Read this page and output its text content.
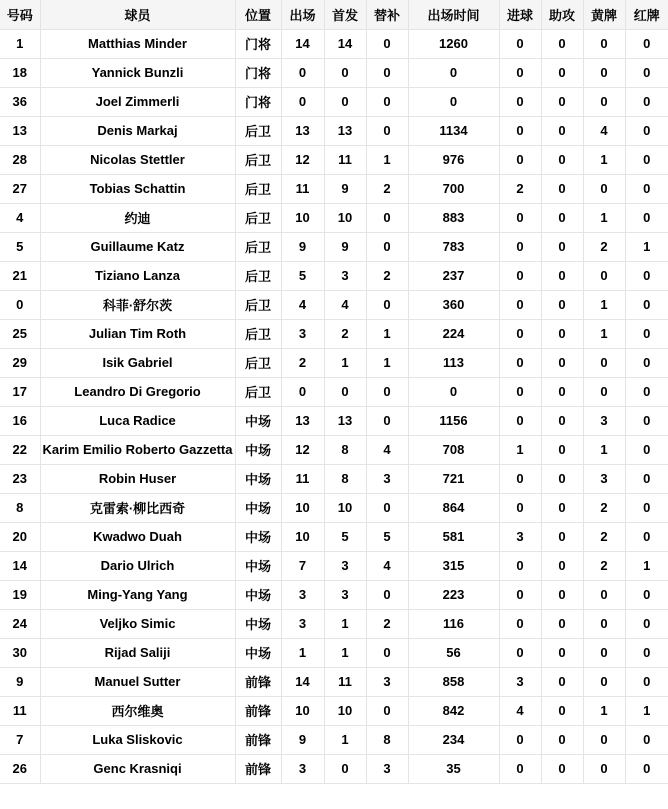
号码	球员	位置	出场	首发	替补	出场时间	进球	助攻	黄牌	红牌
1	Matthias Minder	门将	14	14	0	1260	0	0	0	0
18	Yannick Bunzli	门将	0	0	0	0	0	0	0	0
36	Joel Zimmerli	门将	0	0	0	0	0	0	0	0
13	Denis Markaj	后卫	13	13	0	1134	0	0	4	0
28	Nicolas Stettler	后卫	12	11	1	976	0	0	1	0
27	Tobias Schattin	后卫	11	9	2	700	2	0	0	0
4	约迪	后卫	10	10	0	883	0	0	1	0
5	Guillaume Katz	后卫	9	9	0	783	0	0	2	1
21	Tiziano Lanza	后卫	5	3	2	237	0	0	0	0
0	科菲·舒尔茨	后卫	4	4	0	360	0	0	1	0
25	Julian Tim Roth	后卫	3	2	1	224	0	0	1	0
29	Isik Gabriel	后卫	2	1	1	113	0	0	0	0
17	Leandro Di Gregorio	后卫	0	0	0	0	0	0	0	0
16	Luca Radice	中场	13	13	0	1156	0	0	3	0
22	Karim Emilio Roberto Gazzetta	中场	12	8	4	708	1	0	1	0
23	Robin Huser	中场	11	8	3	721	0	0	3	0
8	克雷索·柳比西奇	中场	10	10	0	864	0	0	2	0
20	Kwadwo Duah	中场	10	5	5	581	3	0	2	0
14	Dario Ulrich	中场	7	3	4	315	0	0	2	1
19	Ming-Yang Yang	中场	3	3	0	223	0	0	0	0
24	Veljko Simic	中场	3	1	2	116	0	0	0	0
30	Rijad Saliji	中场	1	1	0	56	0	0	0	0
9	Manuel Sutter	前锋	14	11	3	858	3	0	0	0
11	西尔维奥	前锋	10	10	0	842	4	0	1	1
7	Luka Sliskovic	前锋	9	1	8	234	0	0	0	0
26	Genc Krasniqi	前锋	3	0	3	35	0	0	0	0
